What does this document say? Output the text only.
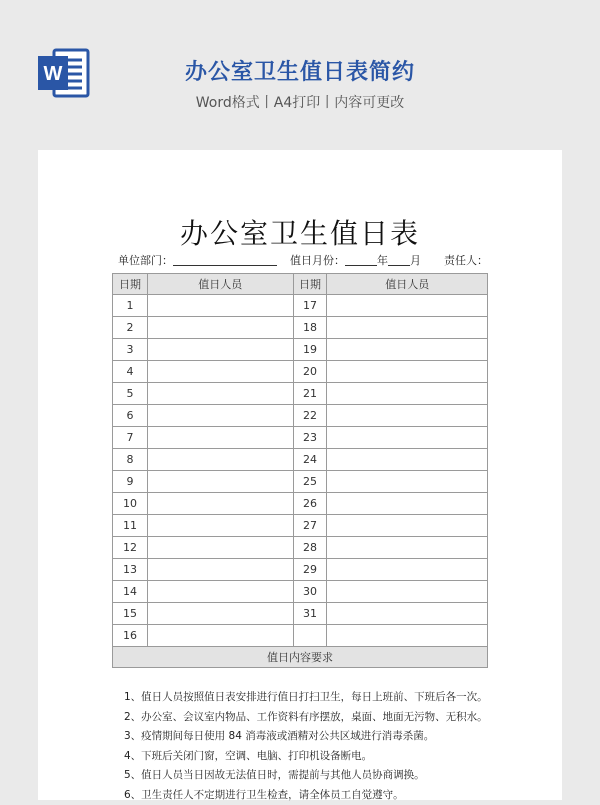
W	办公室卫生值日表简约
Word格式丨A4打印丨内容可更改
办公室卫生值日表
单位部门：	值日月份：	年 月 责任人：
日期	值日人员	日期	值日人员
1		17	
2		18	
3		19	
4		20	
5		21	
6		22	
7		23	
8		24	
9		25	
10		26	
11		27	
12		28	
13		29	
14		30	
15		31	
16			
值日内容要求			
1、值日人员按照值日表安排进行值日打扫卫生，每日上班前、下班后各一次。
2、办公室、会议室内物品、工作资料有序摆放，桌面、地面无污物、无积水。
3、疫情期间每日使用 84 消毒液或酒精对公共区域进行消毒杀菌。
4、下班后关闭门窗，空调、电脑、打印机设备断电。
5、值日人员当日因故无法值日时，需提前与其他人员协商调换。
6、卫生责任人不定期进行卫生检查，请全体员工自觉遵守。
